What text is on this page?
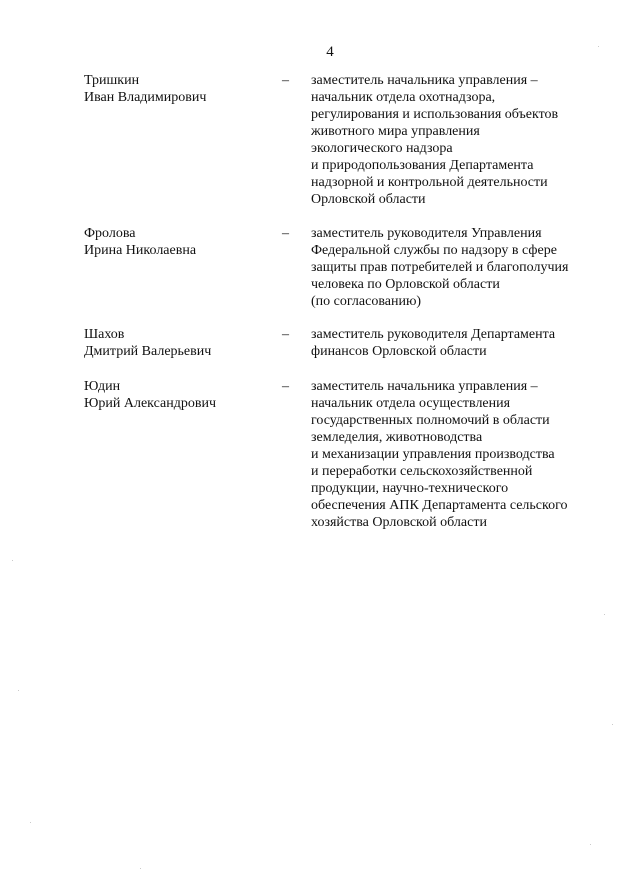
4
Тришкин
Иван Владимирович
– заместитель начальника управления –
начальник отдела охотнадзора,
регулирования и использования объектов
животного мира управления
экологического надзора
и природопользования Департамента
надзорной и контрольной деятельности
Орловской области
Фролова
Ирина Николаевна
– заместитель руководителя Управления
Федеральной службы по надзору в сфере
защиты прав потребителей и благополучия
человека по Орловской области
(по согласованию)
Шахов
Дмитрий Валерьевич
– заместитель руководителя Департамента
финансов Орловской области
Юдин
Юрий Александрович
– заместитель начальника управления –
начальник отдела осуществления
государственных полномочий в области
земледелия, животноводства
и механизации управления производства
и переработки сельскохозяйственной
продукции, научно-технического
обеспечения АПК Департамента сельского
хозяйства Орловской области
